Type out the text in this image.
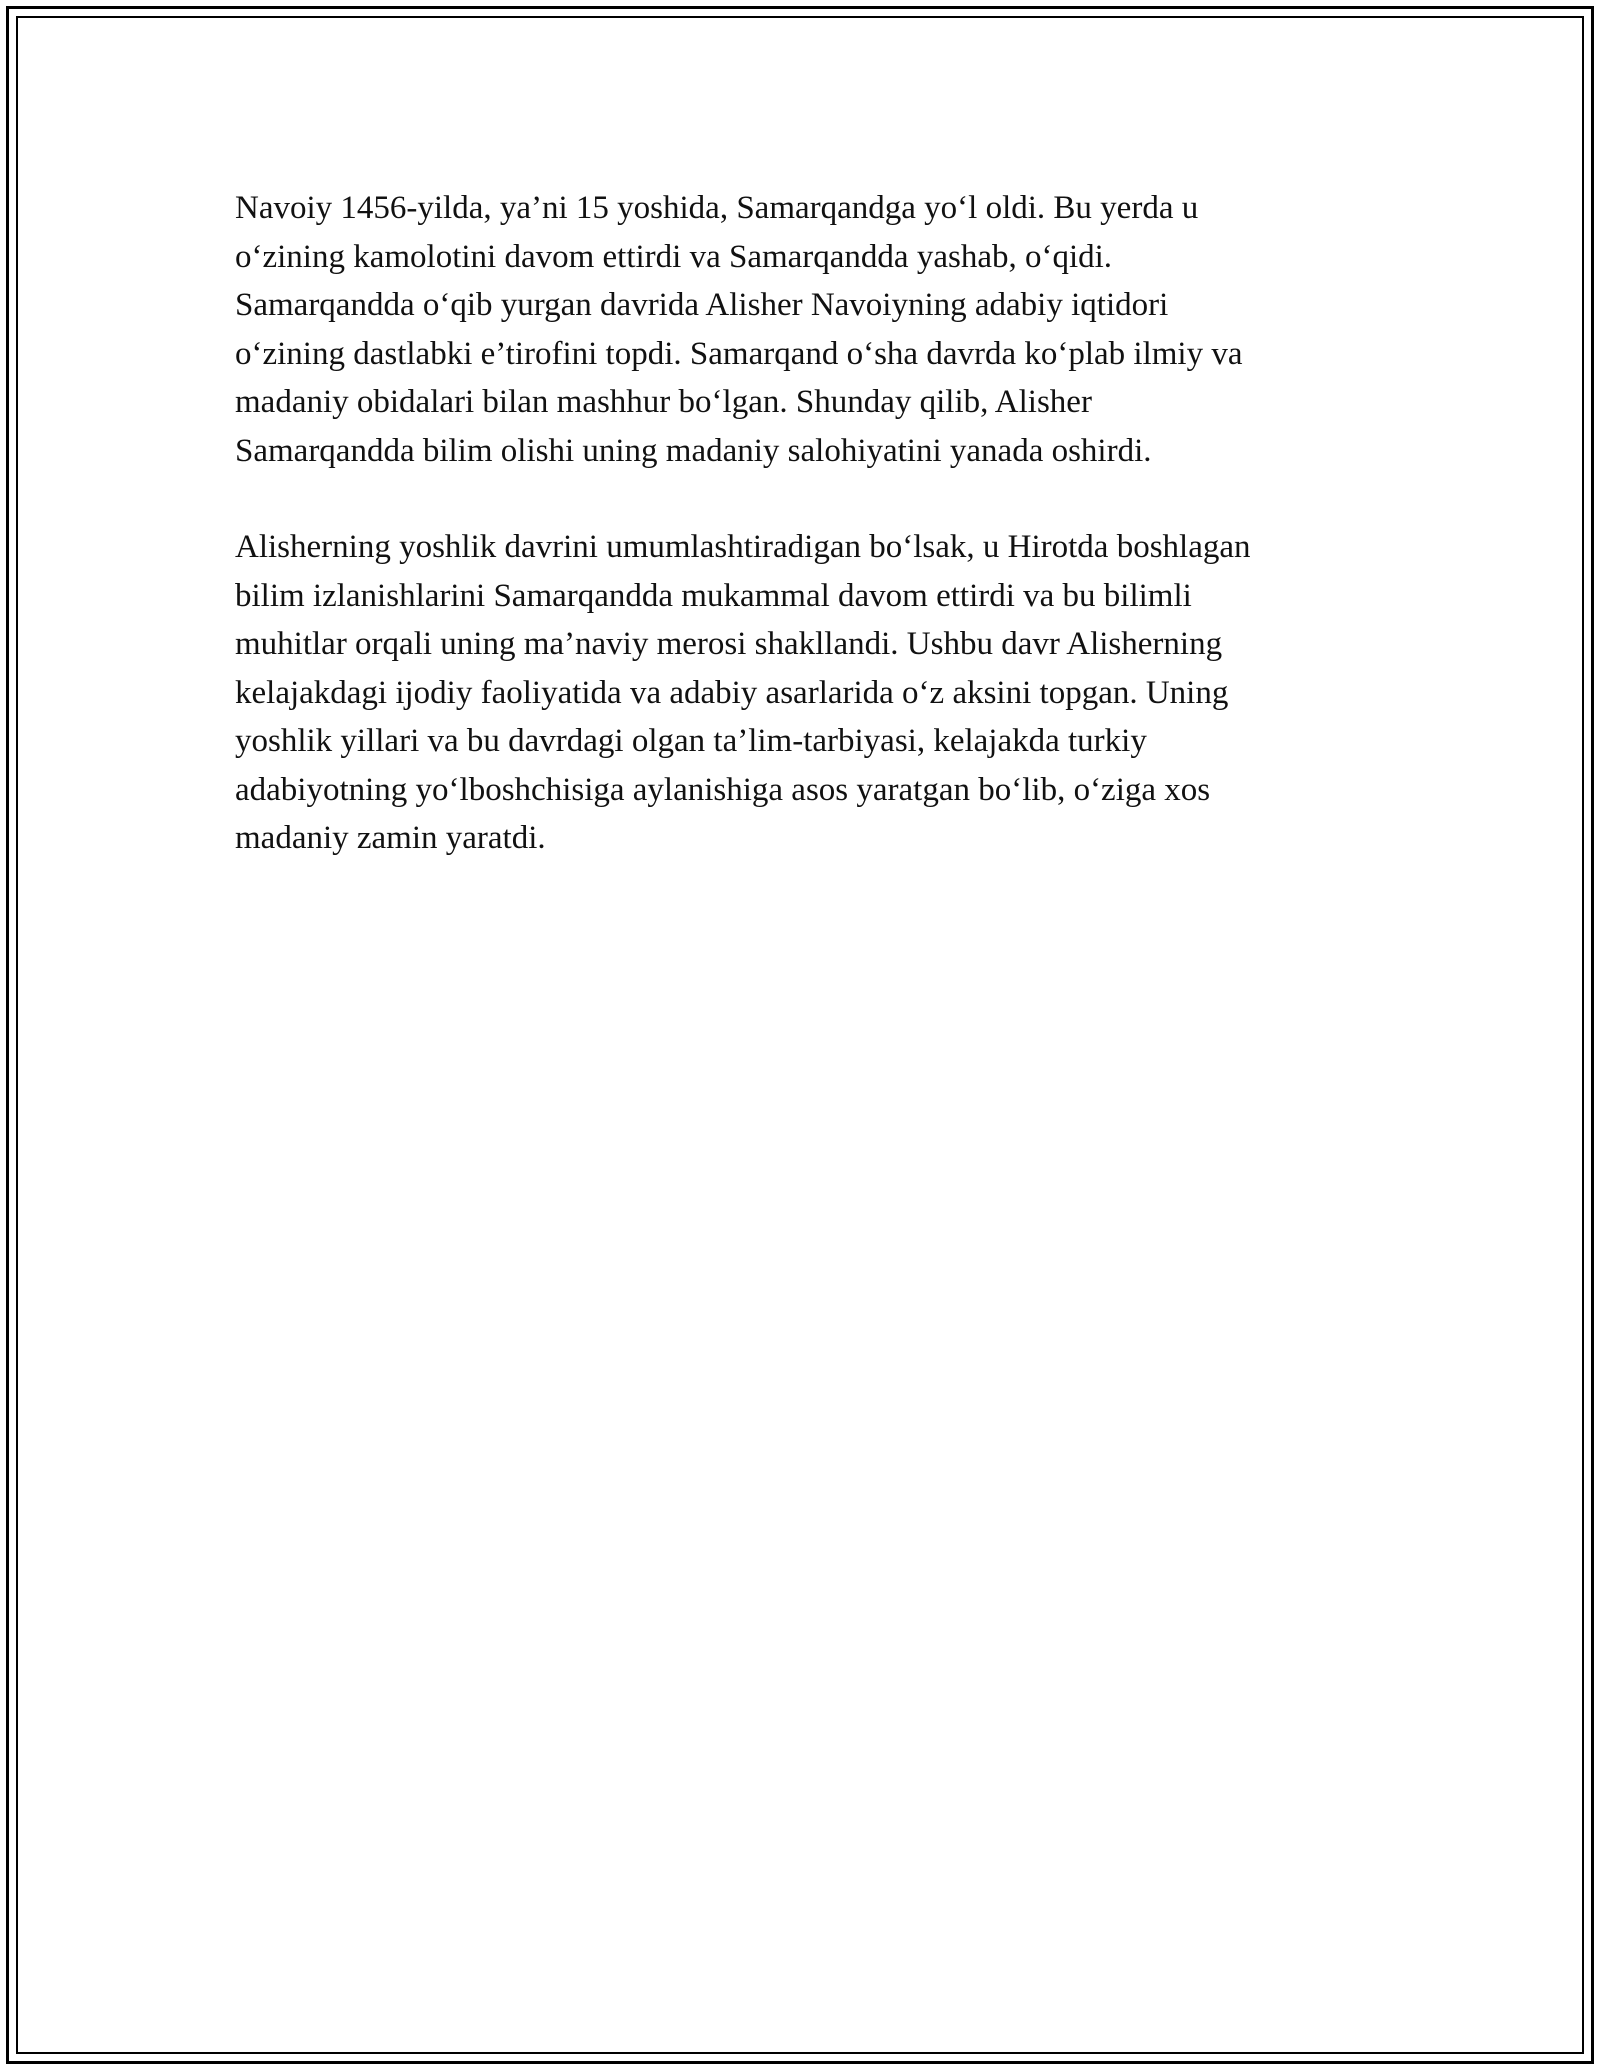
Navoiy 1456-yilda, ya’ni 15 yoshida, Samarqandga yoʻl oldi. Bu yerda u
oʻzining kamolotini davom ettirdi va Samarqandda yashab, oʻqidi.
Samarqandda oʻqib yurgan davrida Alisher Navoiyning adabiy iqtidori
oʻzining dastlabki e’tirofini topdi. Samarqand oʻsha davrda koʻplab ilmiy va
madaniy obidalari bilan mashhur boʻlgan. Shunday qilib, Alisher
Samarqandda bilim olishi uning madaniy salohiyatini yanada oshirdi.

Alisherning yoshlik davrini umumlashtiradigan boʻlsak, u Hirotda boshlagan
bilim izlanishlarini Samarqandda mukammal davom ettirdi va bu bilimli
muhitlar orqali uning ma’naviy merosi shakllandi. Ushbu davr Alisherning
kelajakdagi ijodiy faoliyatida va adabiy asarlarida oʻz aksini topgan. Uning
yoshlik yillari va bu davrdagi olgan ta’lim-tarbiyasi, kelajakda turkiy
adabiyotning yoʻlboshchisiga aylanishiga asos yaratgan boʻlib, oʻziga xos
madaniy zamin yaratdi.
